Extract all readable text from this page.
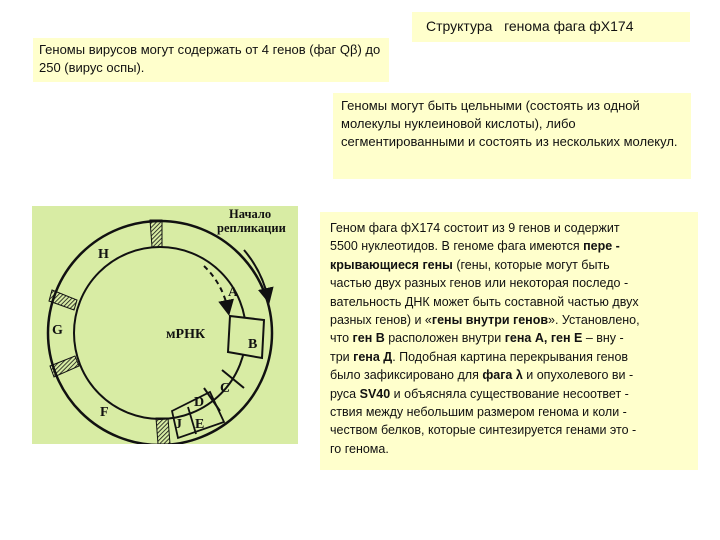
Структура   генома фага фХ174
Геномы вирусов могут содержать от 4 генов (фаг Qβ) до 250 (вирус оспы).
Геномы могут быть цельными (состоять из одной молекулы нуклеиновой кислоты), либо сегментированными и состоять из нескольких молекул.
Начало
репликации
мРНК
H
A
B
C
D
J E
G
F
Геном фага фХ174 состоит из 9 генов и содержит
5500 нуклеотидов. В геноме фага имеются пере -
крывающиеся гены (гены, которые могут быть
частью двух разных генов или некоторая последо -
вательность ДНК может быть составной частью двух
разных генов) и «гены внутри генов». Установлено,
что ген В расположен внутри гена А, ген Е – вну -
три гена Д. Подобная картина перекрывания генов
было зафиксировано для фага λ и опухолевого ви -
руса SV40 и объясняла существование несоответ -
ствия между небольшим размером генома и коли -
чеством белков, которые синтезируется генами это -
го генома.
